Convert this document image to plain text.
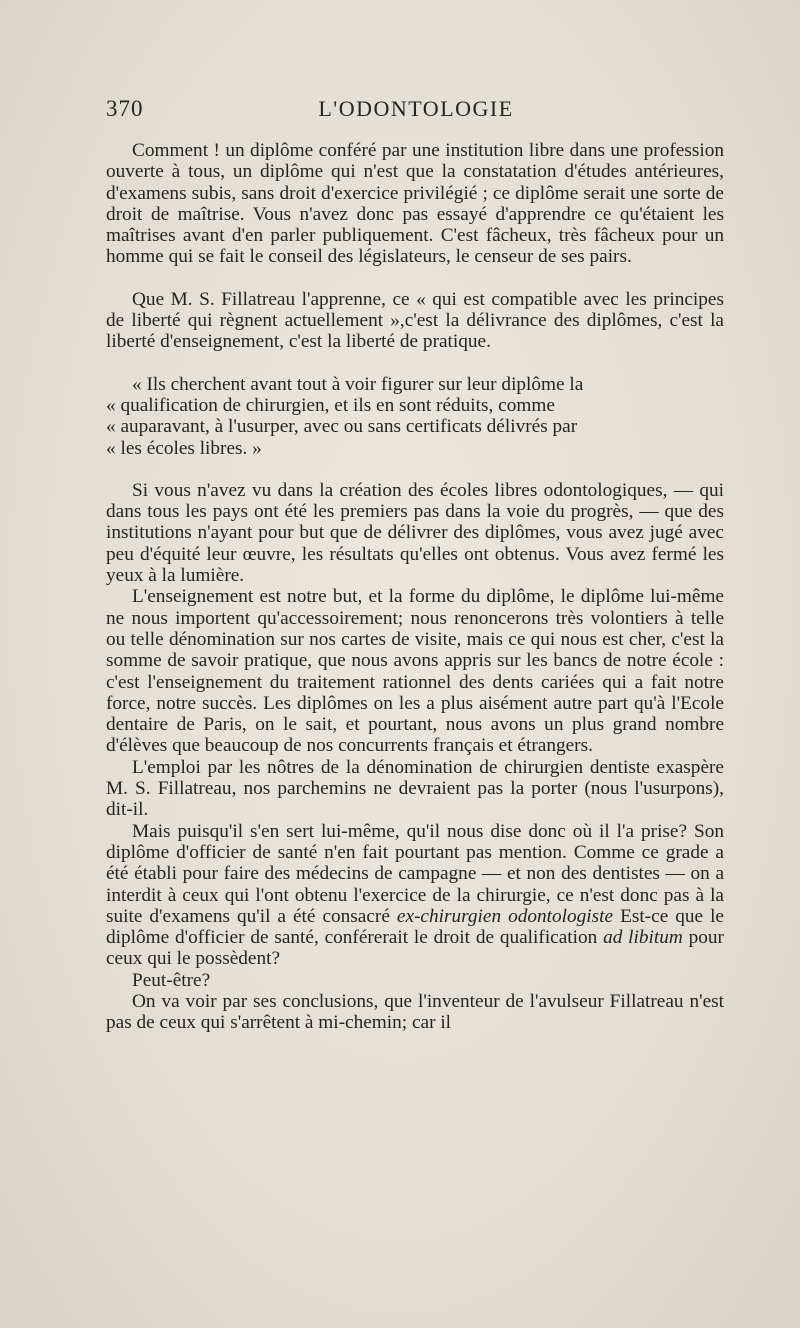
370	L'ODONTOLOGIE

Comment ! un diplôme conféré par une institution libre dans une profession ouverte à tous, un diplôme qui n'est que la constatation d'études antérieures, d'examens subis, sans droit d'exercice privilégié ; ce diplôme serait une sorte de droit de maîtrise. Vous n'avez donc pas essayé d'apprendre ce qu'étaient les maîtrises avant d'en parler publiquement. C'est fâcheux, très fâcheux pour un homme qui se fait le conseil des législateurs, le censeur de ses pairs.

Que M. S. Fillatreau l'apprenne, ce « qui est compatible avec les principes de liberté qui règnent actuellement »,c'est la délivrance des diplômes, c'est la liberté d'enseignement, c'est la liberté de pratique.

« Ils cherchent avant tout à voir figurer sur leur diplôme la

« qualification de chirurgien, et ils en sont réduits, comme

« auparavant, à l'usurper, avec ou sans certificats délivrés par

« les écoles libres. »

Si vous n'avez vu dans la création des écoles libres odontologiques, — qui dans tous les pays ont été les premiers pas dans la voie du progrès, — que des institutions n'ayant pour but que de délivrer des diplômes, vous avez jugé avec peu d'équité leur œuvre, les résultats qu'elles ont obtenus. Vous avez fermé les yeux à la lumière.

L'enseignement est notre but, et la forme du diplôme, le diplôme lui-même ne nous importent qu'accessoirement; nous renoncerons très volontiers à telle ou telle dénomination sur nos cartes de visite, mais ce qui nous est cher, c'est la somme de savoir pratique, que nous avons appris sur les bancs de notre école : c'est l'enseignement du traitement rationnel des dents cariées qui a fait notre force, notre succès. Les diplômes on les a plus aisément autre part qu'à l'Ecole dentaire de Paris, on le sait, et pourtant, nous avons un plus grand nombre d'élèves que beaucoup de nos concurrents français et étrangers.

L'emploi par les nôtres de la dénomination de chirurgien dentiste exaspère M. S. Fillatreau, nos parchemins ne devraient pas la porter (nous l'usurpons), dit-il.

Mais puisqu'il s'en sert lui-même, qu'il nous dise donc où il l'a prise? Son diplôme d'officier de santé n'en fait pourtant pas mention. Comme ce grade a été établi pour faire des médecins de campagne — et non des dentistes — on a interdit à ceux qui l'ont obtenu l'exercice de la chirurgie, ce n'est donc pas à la suite d'examens qu'il a été consacré ex-chirurgien odontologiste Est-ce que le diplôme d'officier de santé, conférerait le droit de qualification ad libitum pour ceux qui le possèdent?

Peut-être?

On va voir par ses conclusions, que l'inventeur de l'avulseur Fillatreau n'est pas de ceux qui s'arrêtent à mi-chemin; car il
